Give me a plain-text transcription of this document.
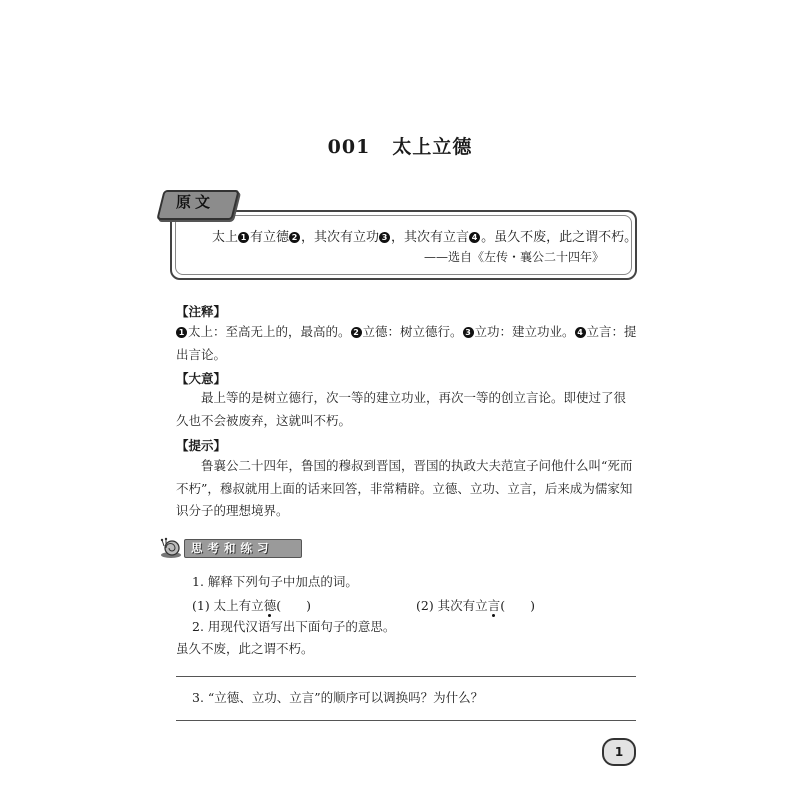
001 太上立德
原文
太上 1 有立德 2 ，其次有立功 3 ，其次有立言 4 。虽久不废，此之谓不朽。
——选自《左传・襄公二十四年》
【注释】
1 太上：至高无上的，最高的。 2 立德：树立德行。 3 立功：建立功业。 4 立言：提出言论。
【大意】
最上等的是树立德行，次一等的建立功业，再次一等的创立言论。即使过了很久也不会被废弃，这就叫不朽。
【提示】
鲁襄公二十四年，鲁国的穆叔到晋国，晋国的执政大夫范宣子问他什么叫“死而不朽”，穆叔就用上面的话来回答，非常精辟。立德、立功、立言，后来成为儒家知识分子的理想境界。
思考和练习
1. 解释下列句子中加点的词。
(1) 太上有立德(　　)	(2) 其次有立言(　　)
2. 用现代汉语写出下面句子的意思。
虽久不废，此之谓不朽。
3. “立德、立功、立言”的顺序可以调换吗？为什么？
1
